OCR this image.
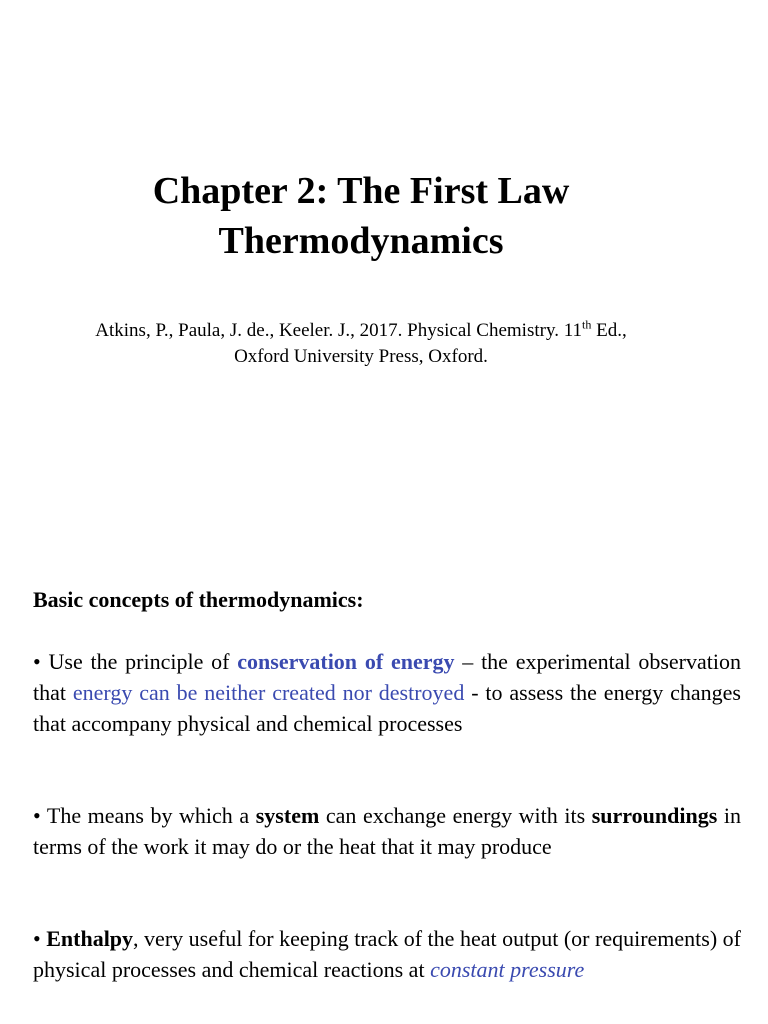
Chapter 2: The First Law
Thermodynamics
Atkins, P., Paula, J. de., Keeler. J., 2017. Physical Chemistry. 11th Ed.,
Oxford University Press, Oxford.
Basic concepts of thermodynamics:

• Use the principle of conservation of energy – the experimental observation that energy can be neither created nor destroyed - to assess the energy changes that accompany physical and chemical processes

• The means by which a system can exchange energy with its surroundings in terms of the work it may do or the heat that it may produce

• Enthalpy, very useful for keeping track of the heat output (or requirements) of physical processes and chemical reactions at constant pressure
